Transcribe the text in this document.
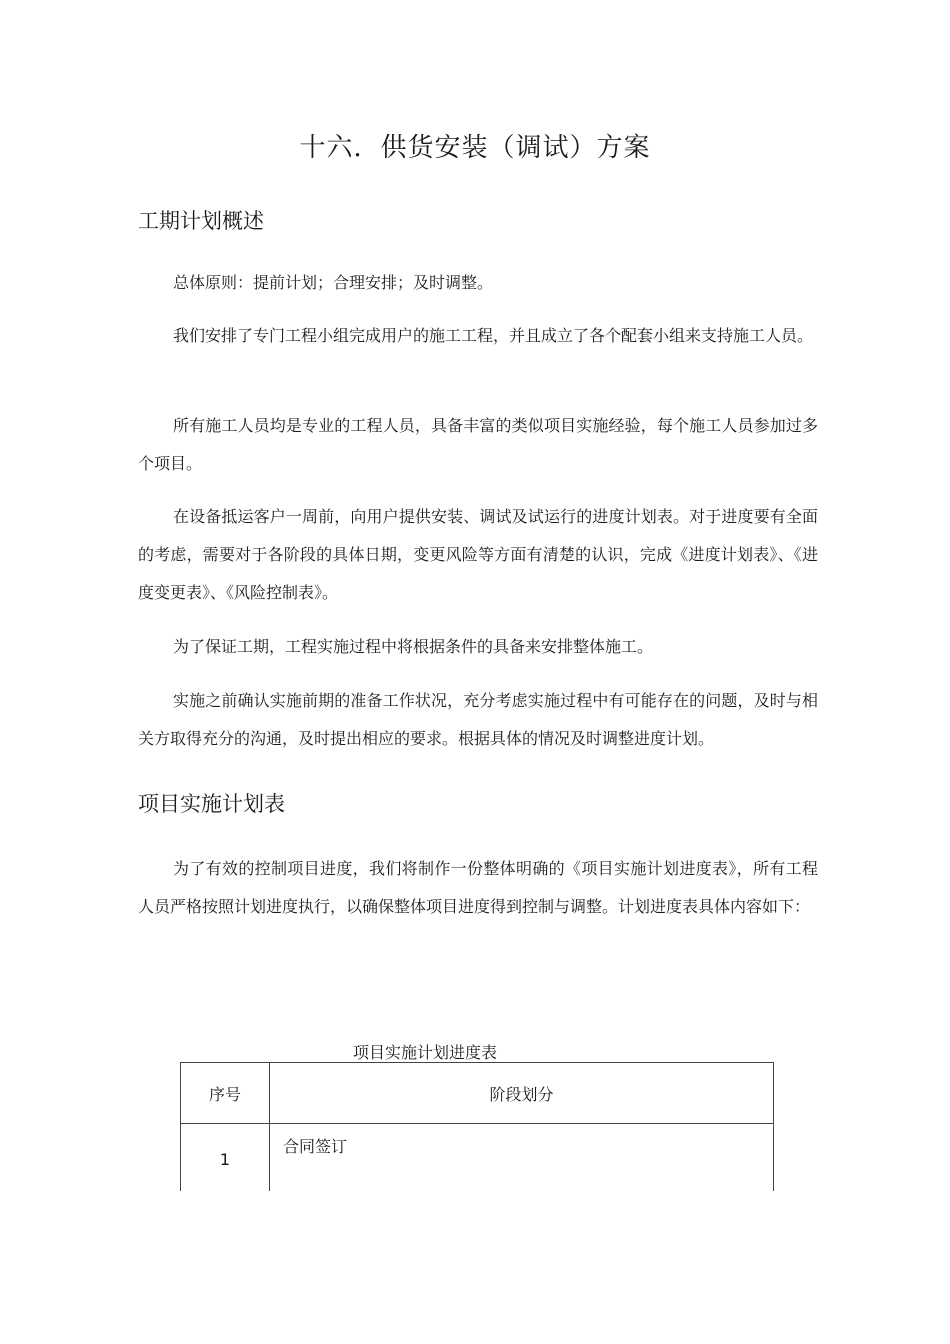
十六．供货安装（调试）方案
工期计划概述

总体原则：提前计划；合理安排；及时调整。

我们安排了专门工程小组完成用户的施工工程，并且成立了各个配套小组来支持施工人员。

所有施工人员均是专业的工程人员，具备丰富的类似项目实施经验，每个施工人员参加过多个项目。

在设备抵运客户一周前，向用户提供安装、调试及试运行的进度计划表。对于进度要有全面的考虑，需要对于各阶段的具体日期，变更风险等方面有清楚的认识，完成《进度计划表》、《进度变更表》、《风险控制表》。

为了保证工期，工程实施过程中将根据条件的具备来安排整体施工。

实施之前确认实施前期的准备工作状况，充分考虑实施过程中有可能存在的问题，及时与相关方取得充分的沟通，及时提出相应的要求。根据具体的情况及时调整进度计划。

项目实施计划表

为了有效的控制项目进度，我们将制作一份整体明确的《项目实施计划进度表》，所有工程人员严格按照计划进度执行，以确保整体项目进度得到控制与调整。计划进度表具体内容如下：

项目实施计划进度表
序号	阶段划分
1	合同签订
